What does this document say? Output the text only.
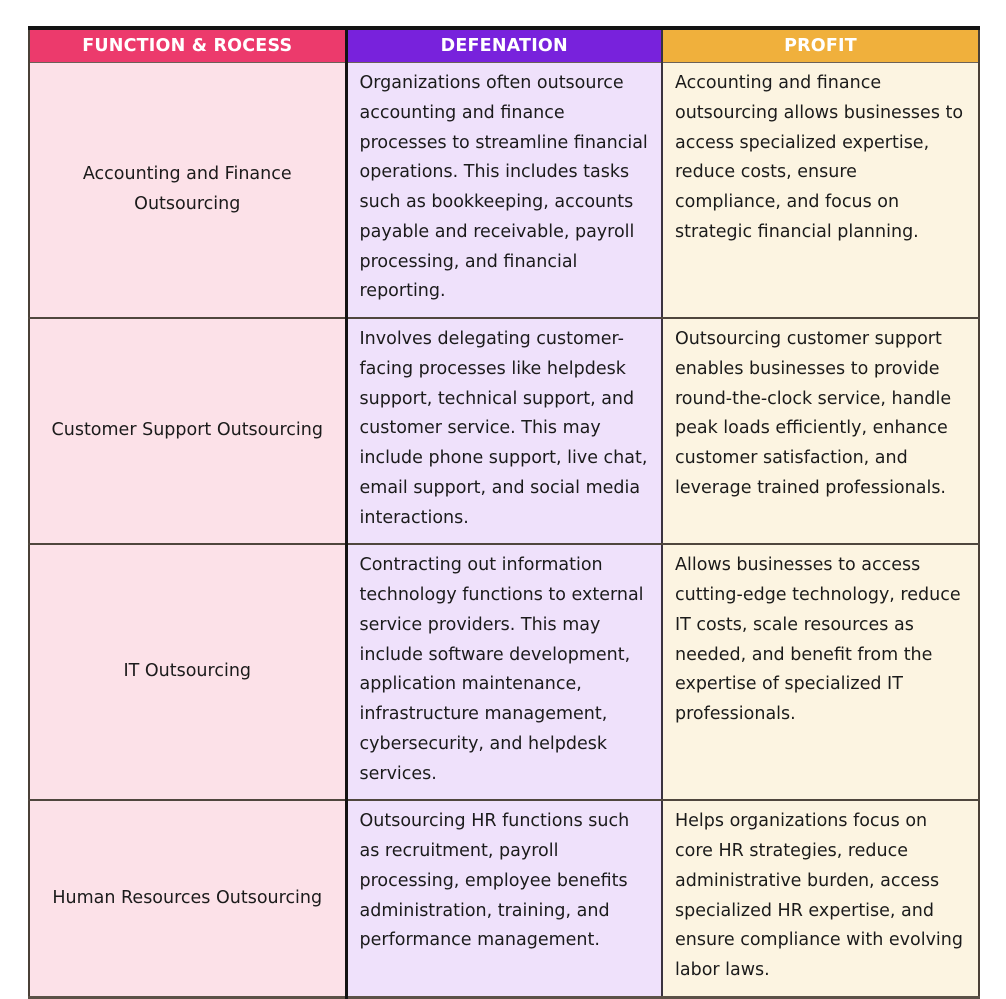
FUNCTION & ROCESS	DEFENATION	PROFIT
Accounting and Finance Outsourcing	Organizations often outsource accounting and finance processes to streamline financial operations. This includes tasks such as bookkeeping, accounts payable and receivable, payroll processing, and financial reporting.	Accounting and finance outsourcing allows businesses to access specialized expertise, reduce costs, ensure compliance, and focus on strategic financial planning.
Customer Support Outsourcing	Involves delegating customer-facing processes like helpdesk support, technical support, and customer service. This may include phone support, live chat, email support, and social media interactions.	Outsourcing customer support enables businesses to provide round-the-clock service, handle peak loads efficiently, enhance customer satisfaction, and leverage trained professionals.
IT Outsourcing	Contracting out information technology functions to external service providers. This may include software development, application maintenance, infrastructure management, cybersecurity, and helpdesk services.	Allows businesses to access cutting-edge technology, reduce IT costs, scale resources as needed, and benefit from the expertise of specialized IT professionals.
Human Resources Outsourcing	Outsourcing HR functions such as recruitment, payroll processing, employee benefits administration, training, and performance management.	Helps organizations focus on core HR strategies, reduce administrative burden, access specialized HR expertise, and ensure compliance with evolving labor laws.
